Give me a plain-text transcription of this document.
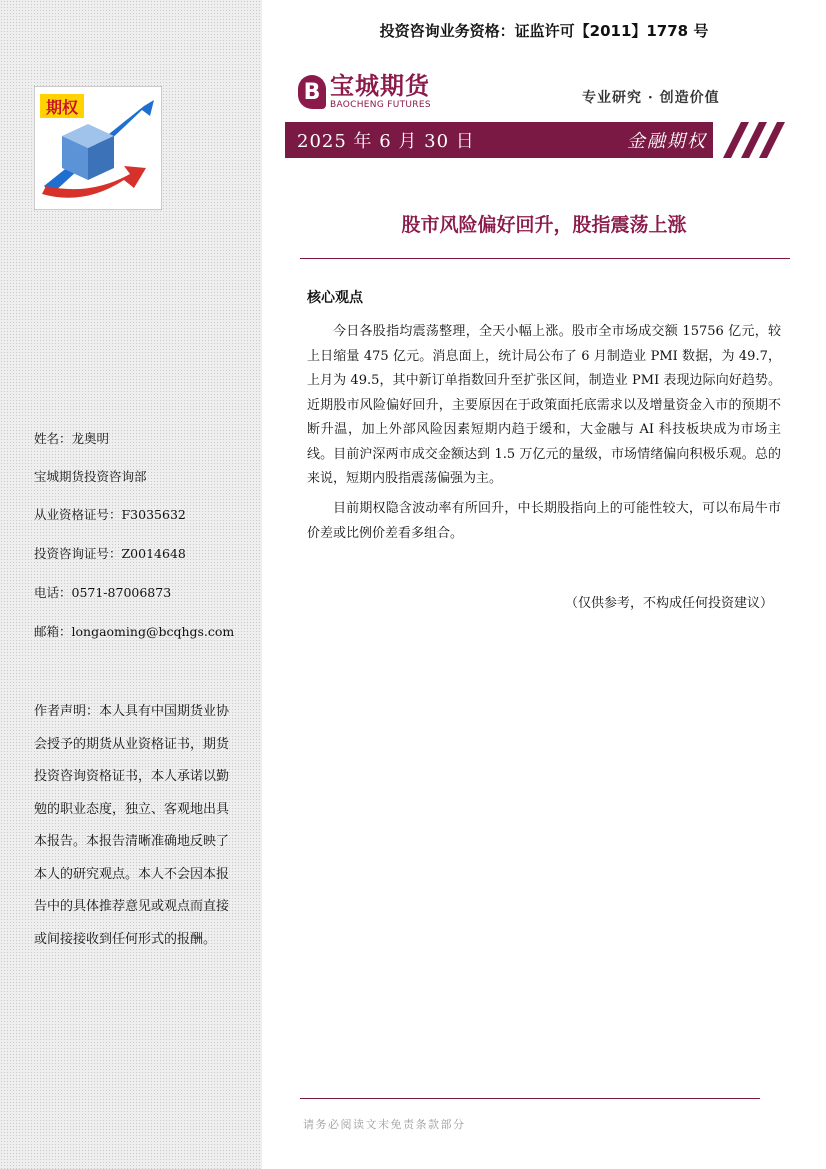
期权
投资咨询业务资格：证监许可【2011】1778 号
B 宝城期货
BAOCHENG FUTURES	专业研究 · 创造价值
2025 年 6 月 30 日	金融期权
股市风险偏好回升，股指震荡上涨
核心观点

今日各股指均震荡整理，全天小幅上涨。股市全市场成交额 15756 亿元，较上日缩量 475 亿元。消息面上，统计局公布了 6 月制造业 PMI 数据，为 49.7，上月为 49.5，其中新订单指数回升至扩张区间，制造业 PMI 表现边际向好趋势。近期股市风险偏好回升，主要原因在于政策面托底需求以及增量资金入市的预期不断升温，加上外部风险因素短期内趋于缓和，大金融与 AI 科技板块成为市场主线。目前沪深两市成交金额达到 1.5 万亿元的量级，市场情绪偏向积极乐观。总的来说，短期内股指震荡偏强为主。

目前期权隐含波动率有所回升，中长期股指向上的可能性较大，可以布局牛市价差或比例价差看多组合。

（仅供参考，不构成任何投资建议）
姓名：龙奥明
宝城期货投资咨询部
从业资格证号：F3035632
投资咨询证号：Z0014648
电话：0571-87006873
邮箱：longaoming@bcqhgs.com

作者声明：本人具有中国期货业协会授予的期货从业资格证书，期货投资咨询资格证书，本人承诺以勤勉的职业态度，独立、客观地出具本报告。本报告清晰准确地反映了本人的研究观点。本人不会因本报告中的具体推荐意见或观点而直接或间接接收到任何形式的报酬。

请务必阅读文末免责条款部分
